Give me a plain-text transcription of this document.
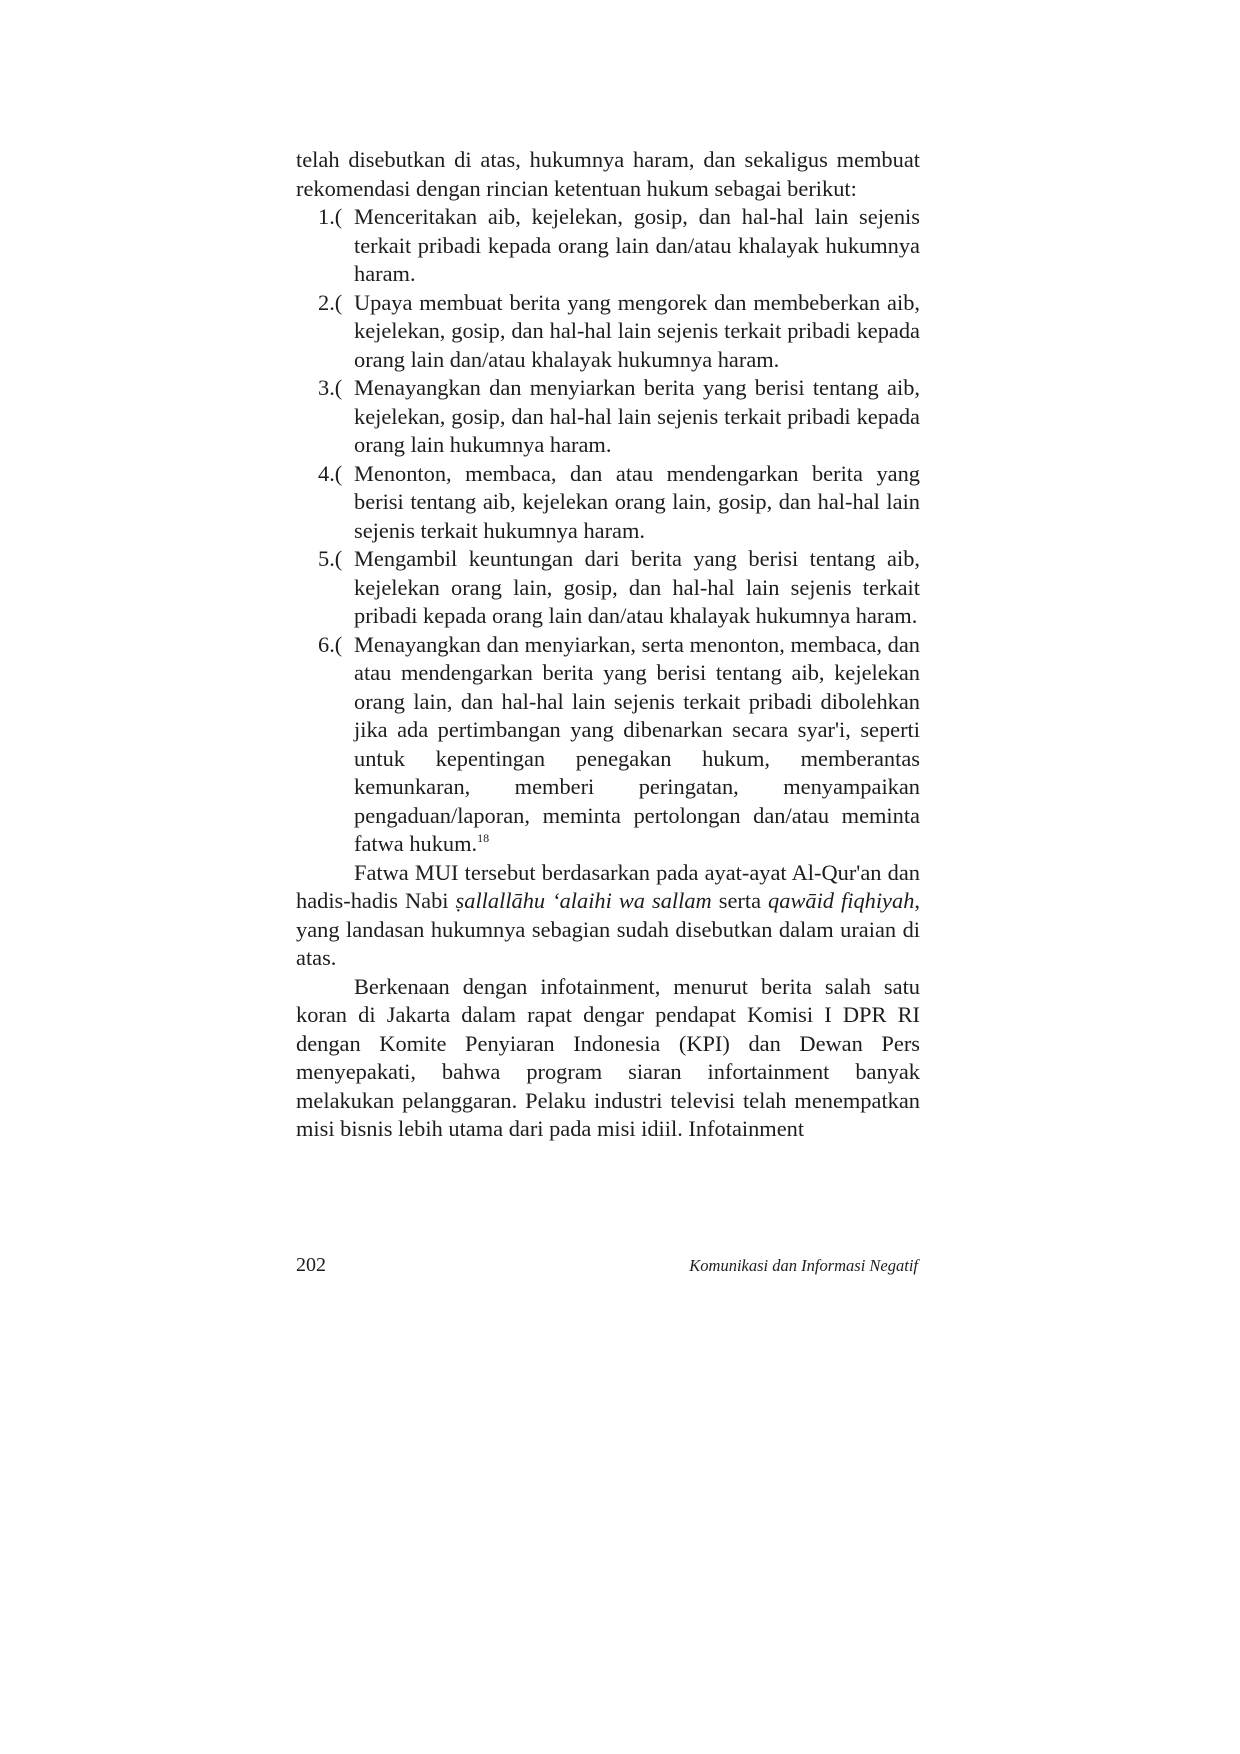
telah disebutkan di atas, hukumnya haram, dan sekaligus membuat rekomendasi dengan rincian ketentuan hukum sebagai berikut:

1.( Menceritakan aib, kejelekan, gosip, dan hal-hal lain sejenis terkait pribadi kepada orang lain dan/atau khalayak hukumnya haram.
2.( Upaya membuat berita yang mengorek dan membeberkan aib, kejelekan, gosip, dan hal-hal lain sejenis terkait pribadi kepada orang lain dan/atau khalayak hukumnya haram.
3.( Menayangkan dan menyiarkan berita yang berisi tentang aib, kejelekan, gosip, dan hal-hal lain sejenis terkait pribadi kepada orang lain hukumnya haram.
4.( Menonton, membaca, dan atau mendengarkan berita yang berisi tentang aib, kejelekan orang lain, gosip, dan hal-hal lain sejenis terkait hukumnya haram.
5.( Mengambil keuntungan dari berita yang berisi tentang aib, kejelekan orang lain, gosip, dan hal-hal lain sejenis terkait pribadi kepada orang lain dan/atau khalayak hukumnya haram.
6.( Menayangkan dan menyiarkan, serta menonton, membaca, dan atau mendengarkan berita yang berisi tentang aib, kejelekan orang lain, dan hal-hal lain sejenis terkait pribadi dibolehkan jika ada pertimbangan yang dibenarkan secara syar'i, seperti untuk kepentingan penegakan hukum, memberantas kemunkaran, memberi peringatan, menyampaikan pengaduan/laporan, meminta pertolongan dan/atau meminta fatwa hukum.$^{18}$

Fatwa MUI tersebut berdasarkan pada ayat-ayat Al-Qur'an dan hadis-hadis Nabi ṣallallāhu ‘alaihi wa sallam serta qawāid fiqhiyah, yang landasan hukumnya sebagian sudah disebutkan dalam uraian di atas.

Berkenaan dengan infotainment, menurut berita salah satu koran di Jakarta dalam rapat dengar pendapat Komisi I DPR RI dengan Komite Penyiaran Indonesia (KPI) dan Dewan Pers menyepakati, bahwa program siaran infortainment banyak melakukan pelanggaran. Pelaku industri televisi telah menempatkan misi bisnis lebih utama dari pada misi idiil. Infotainment

202	Komunikasi dan Informasi Negatif
